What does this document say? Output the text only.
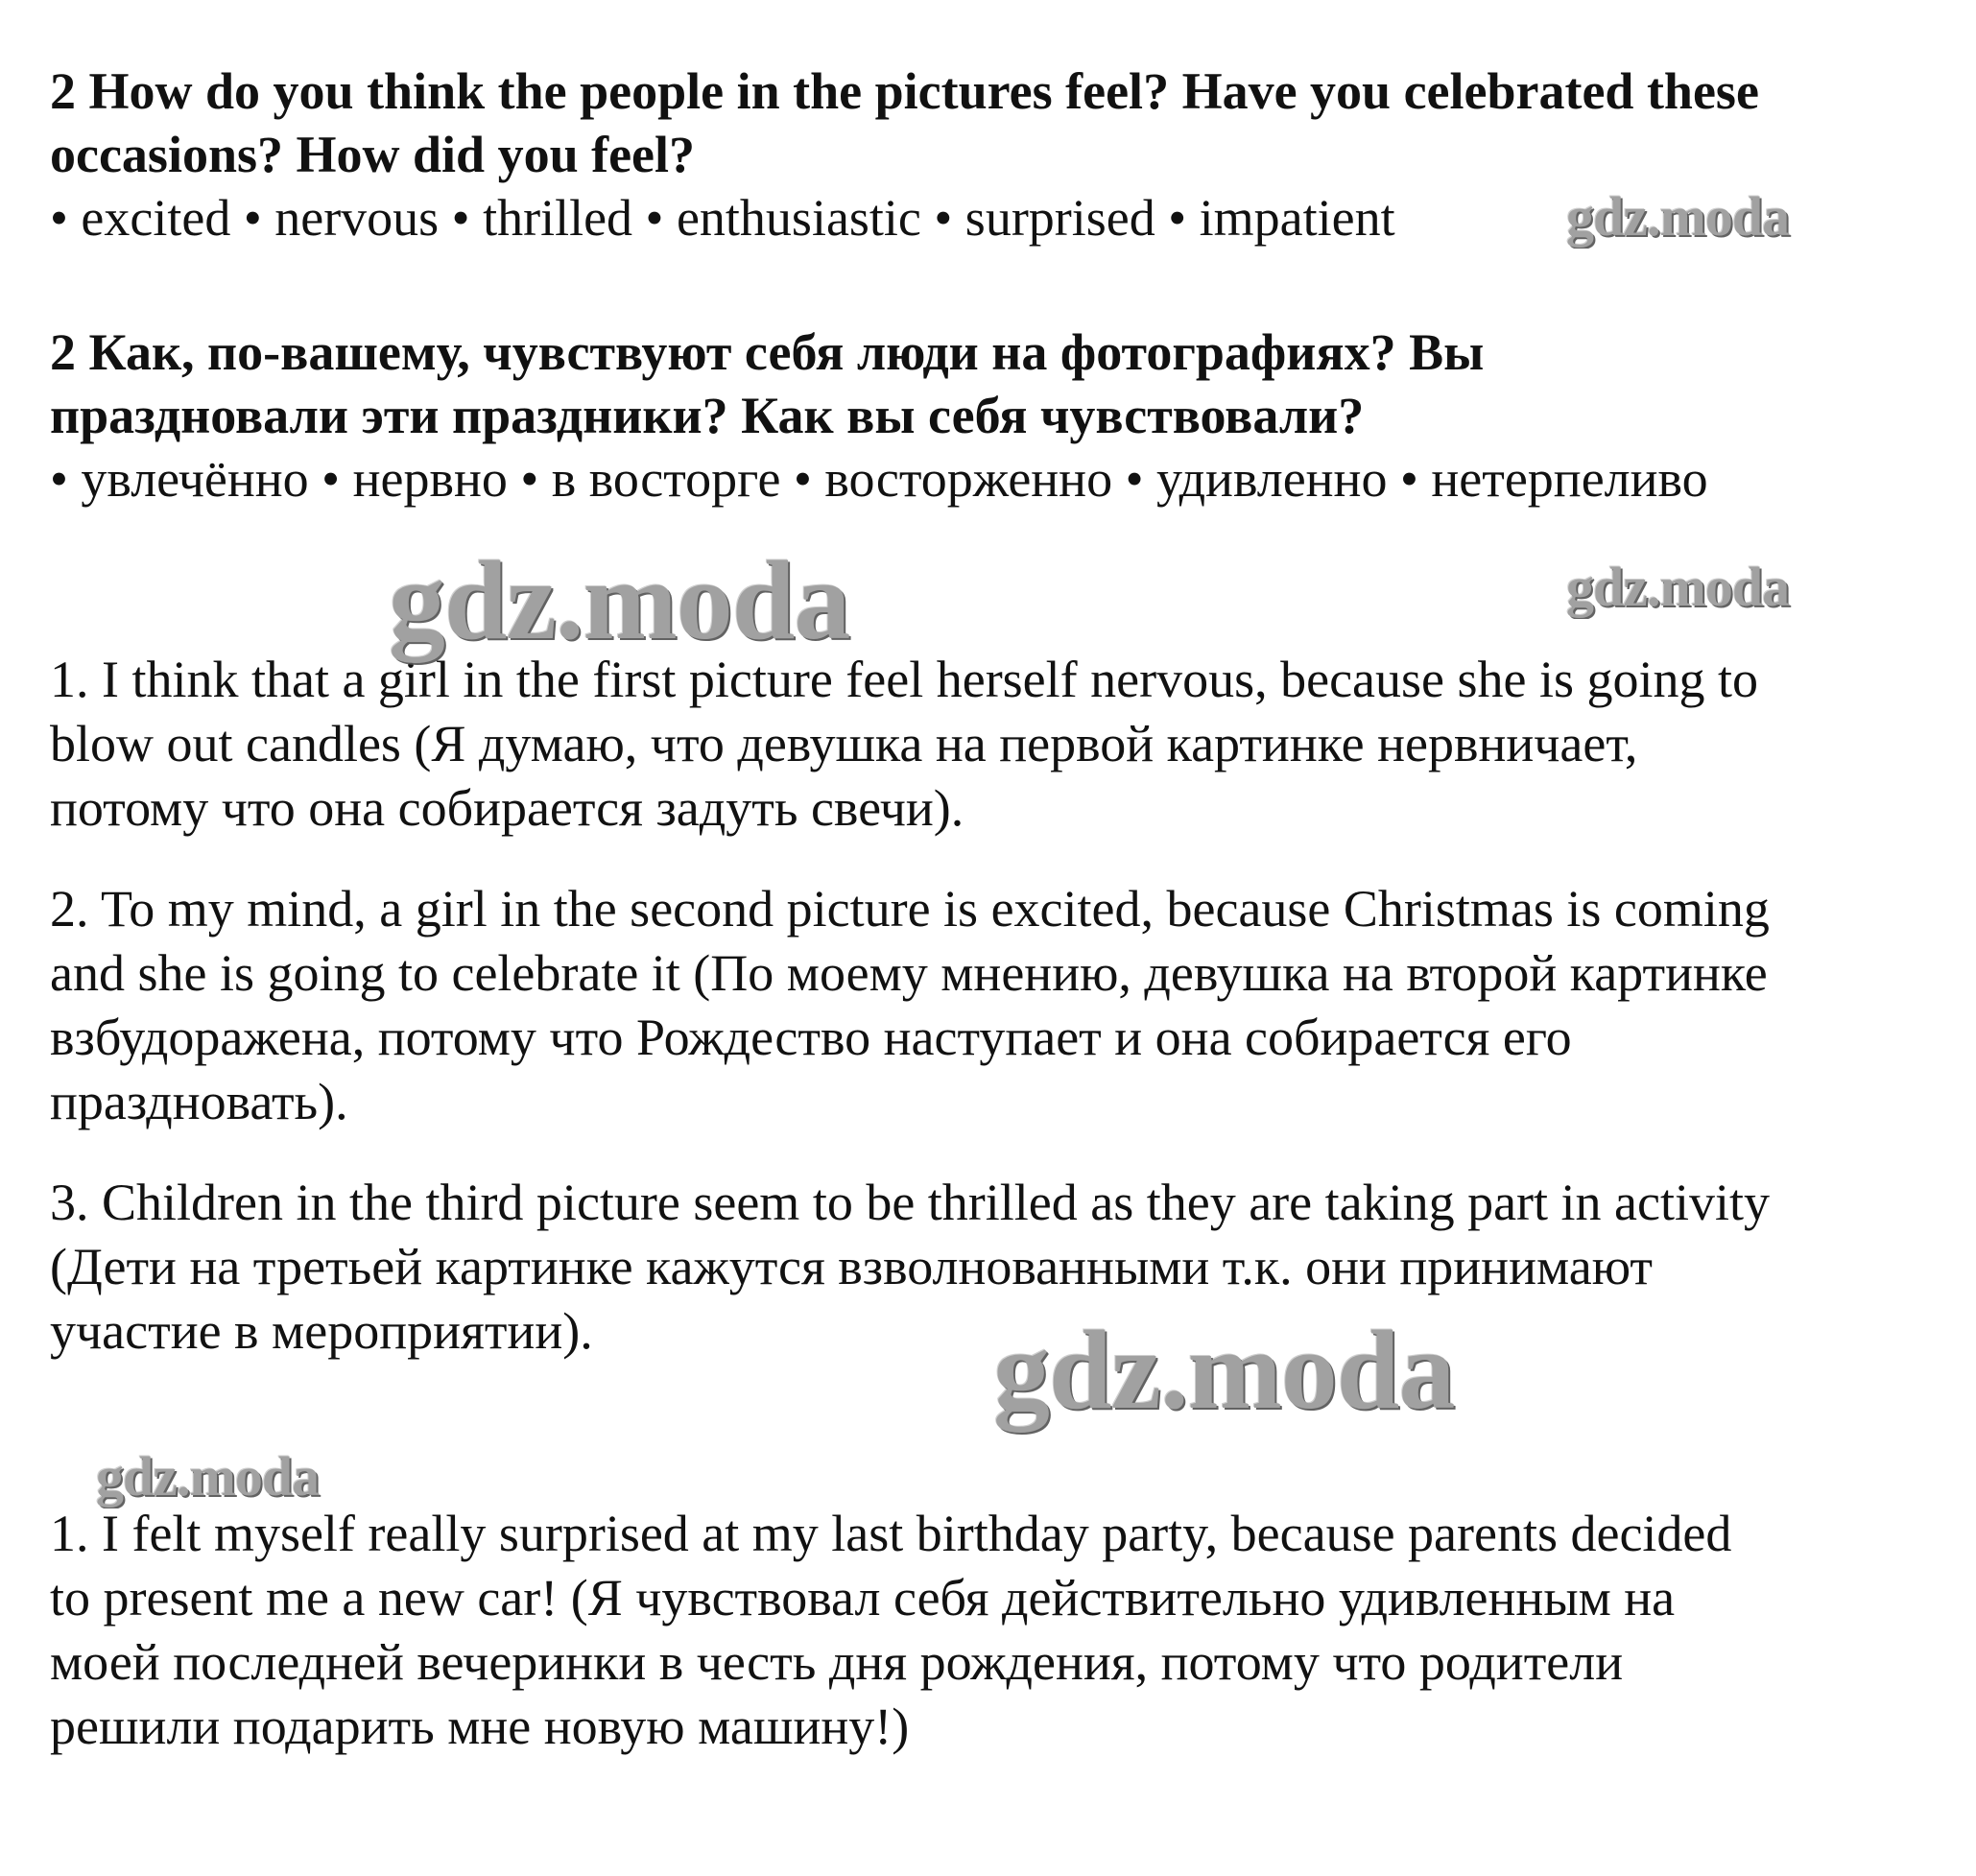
2 How do you think the people in the pictures feel? Have you celebrated these
occasions? How did you feel?
• excited • nervous • thrilled • enthusiastic • surprised • impatient
2 Как, по-вашему, чувствуют себя люди на фотографиях? Вы
праздновали эти праздники? Как вы себя чувствовали?
• увлечённо • нервно • в восторге • восторженно • удивленно • нетерпеливо
1. I think that a girl in the first picture feel herself nervous, because she is going to
blow out candles (Я думаю, что девушка на первой картинке нервничает,
потому что она собирается задуть свечи).
2. To my mind, a girl in the second picture is excited, because Christmas is coming
and she is going to celebrate it (По моему мнению, девушка на второй картинке
взбудоражена, потому что Рождество наступает и она собирается его
праздновать).
3. Children in the third picture seem to be thrilled as they are taking part in activity
(Дети на третьей картинке кажутся взволнованными т.к. они принимают
участие в мероприятии).
1. I felt myself really surprised at my last birthday party, because parents decided
to present me a new car! (Я чувствовал себя действительно удивленным на
моей последней вечеринки в честь дня рождения, потому что родители
решили подарить мне новую машину!)
gdz.moda
gdz.moda	gdz.moda
gdz.moda
gdz.moda
